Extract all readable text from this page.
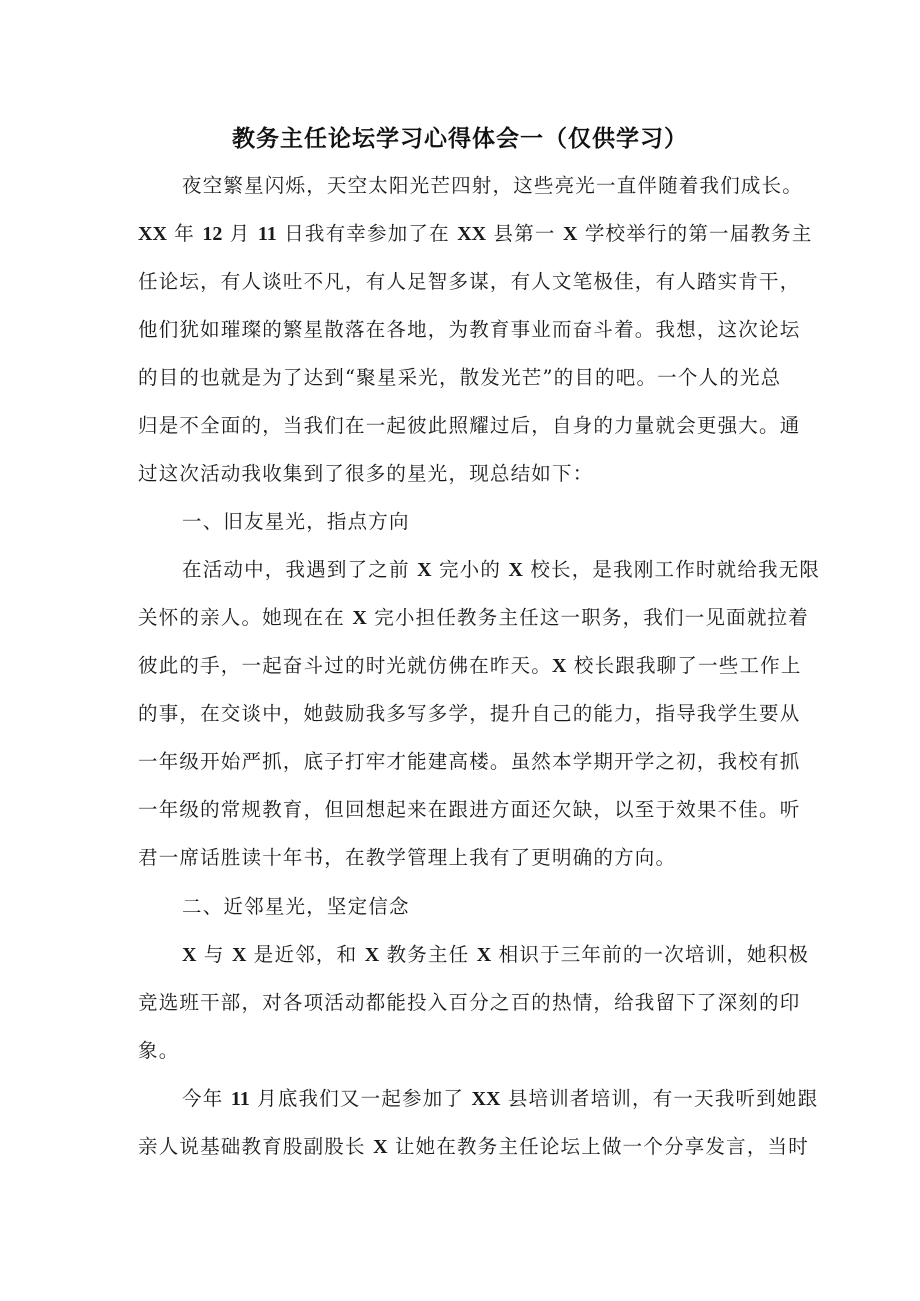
教务主任论坛学习心得体会一（仅供学习）
夜空繁星闪烁，天空太阳光芒四射，这些亮光一直伴随着我们成长。
XX 年 12 月 11 日我有幸参加了在 XX 县第一 X 学校举行的第一届教务主
任论坛，有人谈吐不凡，有人足智多谋，有人文笔极佳，有人踏实肯干，
他们犹如璀璨的繁星散落在各地，为教育事业而奋斗着。我想，这次论坛
的目的也就是为了达到“聚星采光，散发光芒”的目的吧。一个人的光总
归是不全面的，当我们在一起彼此照耀过后，自身的力量就会更强大。通
过这次活动我收集到了很多的星光，现总结如下：
一、旧友星光，指点方向
在活动中，我遇到了之前 X 完小的 X 校长，是我刚工作时就给我无限
关怀的亲人。她现在在 X 完小担任教务主任这一职务，我们一见面就拉着
彼此的手，一起奋斗过的时光就仿佛在昨天。X 校长跟我聊了一些工作上
的事，在交谈中，她鼓励我多写多学，提升自己的能力，指导我学生要从
一年级开始严抓，底子打牢才能建高楼。虽然本学期开学之初，我校有抓
一年级的常规教育，但回想起来在跟进方面还欠缺，以至于效果不佳。听
君一席话胜读十年书，在教学管理上我有了更明确的方向。
二、近邻星光，坚定信念
X 与 X 是近邻，和 X 教务主任 X 相识于三年前的一次培训，她积极
竞选班干部，对各项活动都能投入百分之百的热情，给我留下了深刻的印
象。
今年 11 月底我们又一起参加了 XX 县培训者培训，有一天我听到她跟
亲人说基础教育股副股长 X 让她在教务主任论坛上做一个分享发言，当时
